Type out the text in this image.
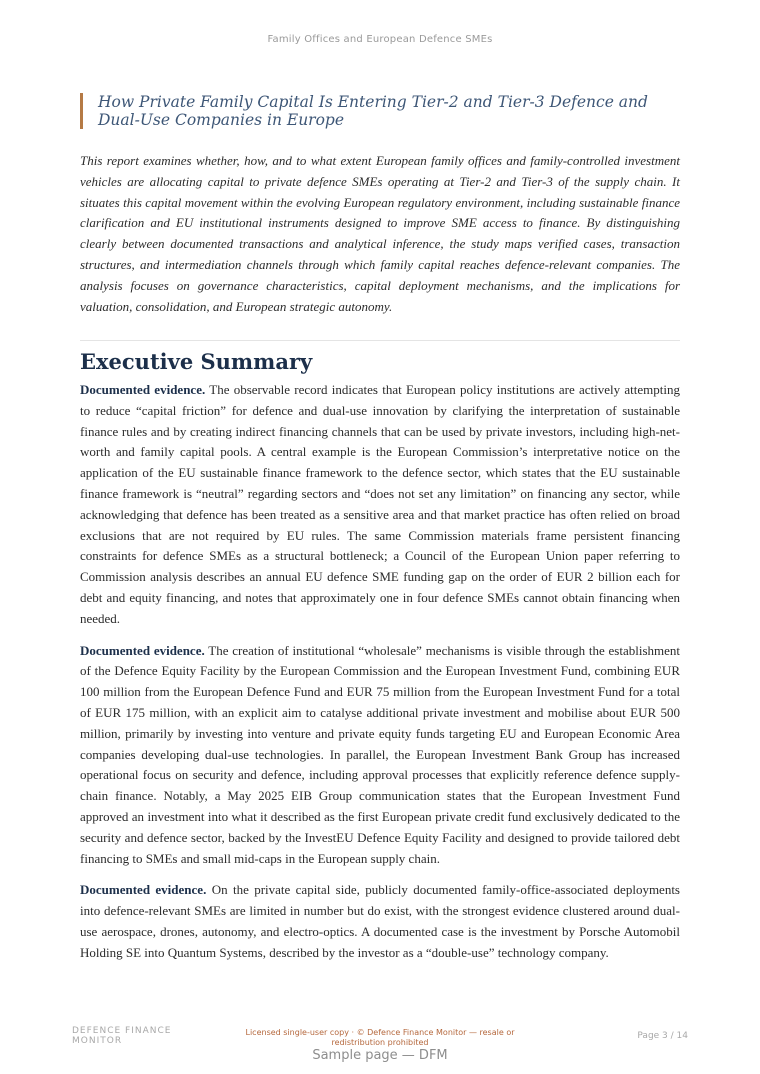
Family Offices and European Defence SMEs
How Private Family Capital Is Entering Tier-2 and Tier-3 Defence and
Dual-Use Companies in Europe

This report examines whether, how, and to what extent European family offices and family-controlled investment vehicles are allocating capital to private defence SMEs operating at Tier-2 and Tier-3 of the supply chain. It situates this capital movement within the evolving European regulatory environment, including sustainable finance clarification and EU institutional instruments designed to improve SME access to finance. By distinguishing clearly between documented transactions and analytical inference, the study maps verified cases, transaction structures, and intermediation channels through which family capital reaches defence-relevant companies. The analysis focuses on governance characteristics, capital deployment mechanisms, and the implications for valuation, consolidation, and European strategic autonomy.

Executive Summary

Documented evidence. The observable record indicates that European policy institutions are actively attempting to reduce “capital friction” for defence and dual-use innovation by clarifying the interpretation of sustainable finance rules and by creating indirect financing channels that can be used by private investors, including high-net-worth and family capital pools. A central example is the European Commission’s interpretative notice on the application of the EU sustainable finance framework to the defence sector, which states that the EU sustainable finance framework is “neutral” regarding sectors and “does not set any limitation” on financing any sector, while acknowledging that defence has been treated as a sensitive area and that market practice has often relied on broad exclusions that are not required by EU rules. The same Commission materials frame persistent financing constraints for defence SMEs as a structural bottleneck; a Council of the European Union paper referring to Commission analysis describes an annual EU defence SME funding gap on the order of EUR 2 billion each for debt and equity financing, and notes that approximately one in four defence SMEs cannot obtain financing when needed.

Documented evidence. The creation of institutional “wholesale” mechanisms is visible through the establishment of the Defence Equity Facility by the European Commission and the European Investment Fund, combining EUR 100 million from the European Defence Fund and EUR 75 million from the European Investment Fund for a total of EUR 175 million, with an explicit aim to catalyse additional private investment and mobilise about EUR 500 million, primarily by investing into venture and private equity funds targeting EU and European Economic Area companies developing dual-use technologies. In parallel, the European Investment Bank Group has increased operational focus on security and defence, including approval processes that explicitly reference defence supply-chain finance. Notably, a May 2025 EIB Group communication states that the European Investment Fund approved an investment into what it described as the first European private credit fund exclusively dedicated to the security and defence sector, backed by the InvestEU Defence Equity Facility and designed to provide tailored debt financing to SMEs and small mid-caps in the European supply chain.

Documented evidence. On the private capital side, publicly documented family-office-associated deployments into defence-relevant SMEs are limited in number but do exist, with the strongest evidence clustered around dual-use aerospace, drones, autonomy, and electro-optics. A documented case is the investment by Porsche Automobil Holding SE into Quantum Systems, described by the investor as a “double-use” technology company.

DEFENCE FINANCE
MONITOR
Licensed single-user copy · © Defence Finance Monitor — resale or redistribution prohibited
Page 3 / 14
Sample page — DFM
